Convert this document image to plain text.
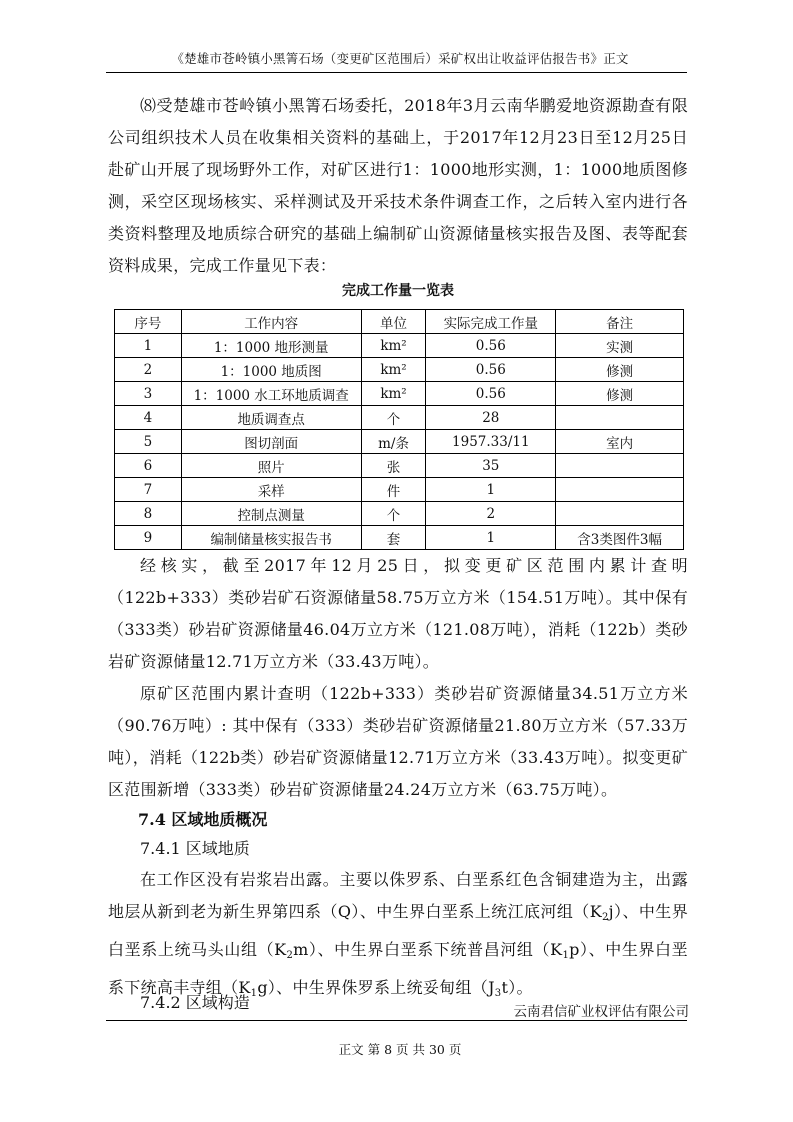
《楚雄市苍岭镇小黑箐石场（变更矿区范围后）采矿权出让收益评估报告书》正文

⑻受楚雄市苍岭镇小黑箐石场委托，2018年3月云南华鹏爱地资源勘查有限公司组织技术人员在收集相关资料的基础上，于2017年12月23日至12月25日赴矿山开展了现场野外工作，对矿区进行1：1000地形实测，1：1000地质图修测，采空区现场核实、采样测试及开采技术条件调查工作，之后转入室内进行各类资料整理及地质综合研究的基础上编制矿山资源储量核实报告及图、表等配套资料成果，完成工作量见下表：

完成工作量一览表
序号	工作内容	单位	实际完成工作量	备注
1	1：1000 地形测量	km²	0.56	实测
2	1：1000 地质图	km²	0.56	修测
3	1：1000 水工环地质调查	km²	0.56	修测
4	地质调查点	个	28	
5	图切剖面	m/条	1957.33/11	室内
6	照片	张	35	
7	采样	件	1	
8	控制点测量	个	2	
9	编制储量核实报告书	套	1	含3类图件3幅

经核实，截至2017年12月25日，拟变更矿区范围内累计查明（122b+333）类砂岩矿石资源储量58.75万立方米（154.51万吨）。其中保有（333类）砂岩矿资源储量46.04万立方米（121.08万吨），消耗（122b）类砂岩矿资源储量12.71万立方米（33.43万吨）。

原矿区范围内累计查明（122b+333）类砂岩矿资源储量34.51万立方米（90.76万吨）: 其中保有（333）类砂岩矿资源储量21.80万立方米（57.33万吨），消耗（122b类）砂岩矿资源储量12.71万立方米（33.43万吨）。拟变更矿区范围新增（333类）砂岩矿资源储量24.24万立方米（63.75万吨）。

7.4 区域地质概况
7.4.1 区域地质

在工作区没有岩浆岩出露。主要以侏罗系、白垩系红色含铜建造为主，出露地层从新到老为新生界第四系（Q）、中生界白垩系上统江底河组$(K_2j)$、中生界白垩系上统马头山组$(K_2m)$、中生界白垩系下统普昌河组$(K_1p)$、中生界白垩系下统高丰寺组$(K_1g)$、中生界侏罗系上统妥甸组$(J_3t)$。

7.4.2 区域构造	云南君信矿业权评估有限公司
正文 第 8 页 共 30 页
